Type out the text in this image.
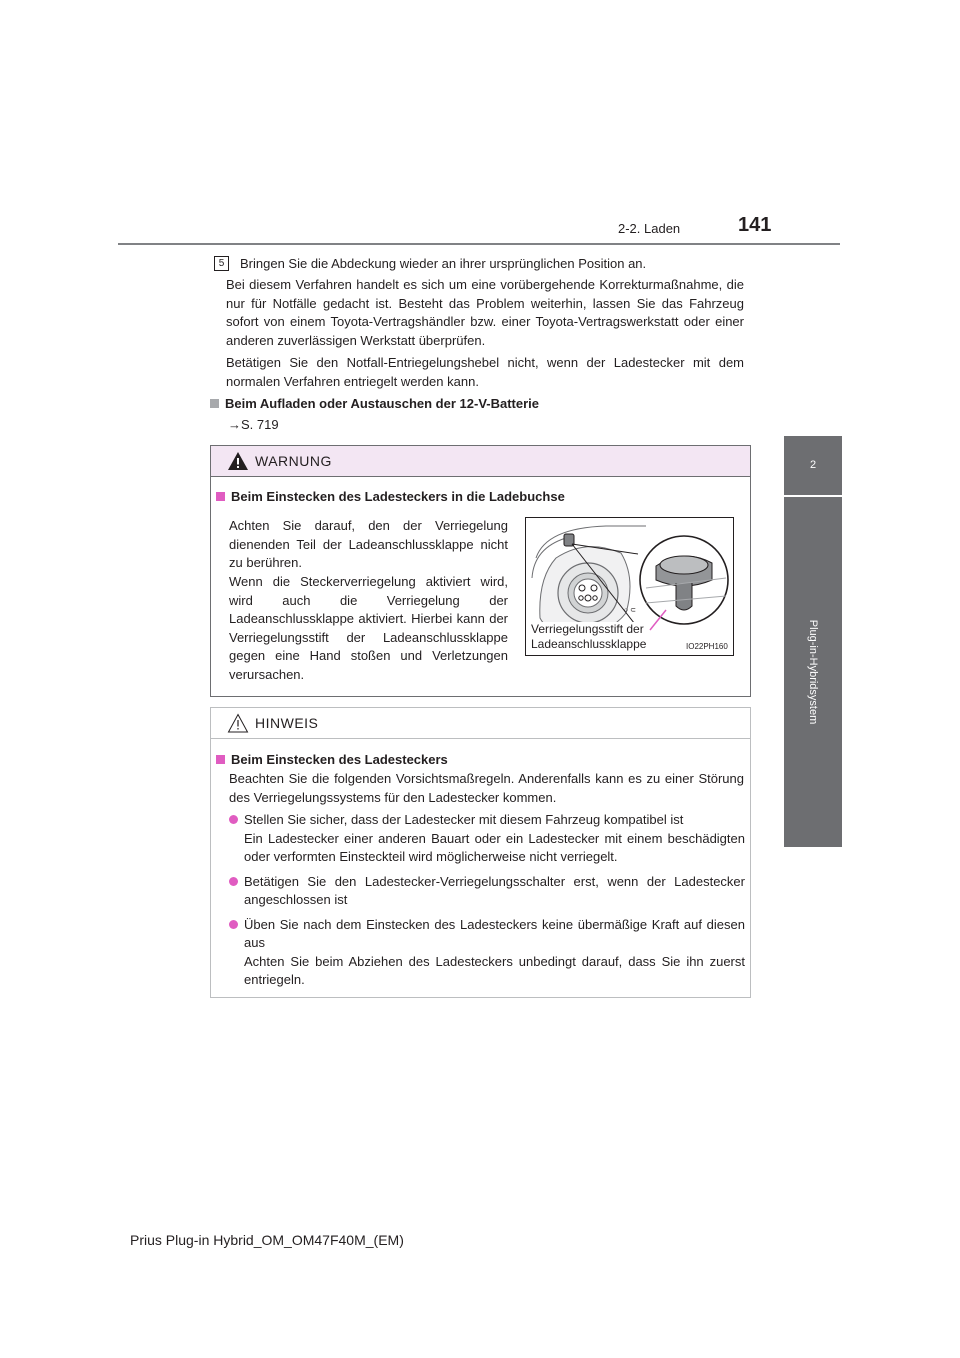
2-2. Laden	141
2
Plug-in-Hybridsystem
5	Bringen Sie die Abdeckung wieder an ihrer ursprünglichen Position an.

Bei diesem Verfahren handelt es sich um eine vorübergehende Korrekturmaßnahme, die nur für Notfälle gedacht ist. Besteht das Problem weiterhin, lassen Sie das Fahrzeug sofort von einem Toyota-Vertragshändler bzw. einer Toyota-Vertragswerkstatt oder einer anderen zuverlässigen Werkstatt überprüfen.

Betätigen Sie den Notfall-Entriegelungshebel nicht, wenn der Ladestecker mit dem normalen Verfahren entriegelt werden kann.

Beim Aufladen oder Austauschen der 12-V-Batterie

→S. 719

WARNUNG
Beim Einstecken des Ladesteckers in die Ladebuchse

Achten Sie darauf, den der Verriegelung dienenden Teil der Ladeanschlussklappe nicht zu berühren.

Wenn die Steckerverriegelung aktiviert wird, wird auch die Verriegelung der Ladeanschlussklappe aktiviert. Hierbei kann der Verriegelungsstift der Ladeanschlussklappe gegen eine Hand stoßen und Verletzungen verursachen.

○ ⊂
Verriegelungsstift der
Ladeanschlussklappe	IO22PH160
HINWEIS
Beim Einstecken des Ladesteckers

Beachten Sie die folgenden Vorsichtsmaßregeln. Anderenfalls kann es zu einer Störung des Verriegelungssystems für den Ladestecker kommen.

Stellen Sie sicher, dass der Ladestecker mit diesem Fahrzeug kompatibel ist

Ein Ladestecker einer anderen Bauart oder ein Ladestecker mit einem beschädigten oder verformten Einsteckteil wird möglicherweise nicht verriegelt.

Betätigen Sie den Ladestecker-Verriegelungsschalter erst, wenn der Ladestecker angeschlossen ist

Üben Sie nach dem Einstecken des Ladesteckers keine übermäßige Kraft auf diesen aus

Achten Sie beim Abziehen des Ladesteckers unbedingt darauf, dass Sie ihn zuerst entriegeln.

Prius Plug-in Hybrid_OM_OM47F40M_(EM)
